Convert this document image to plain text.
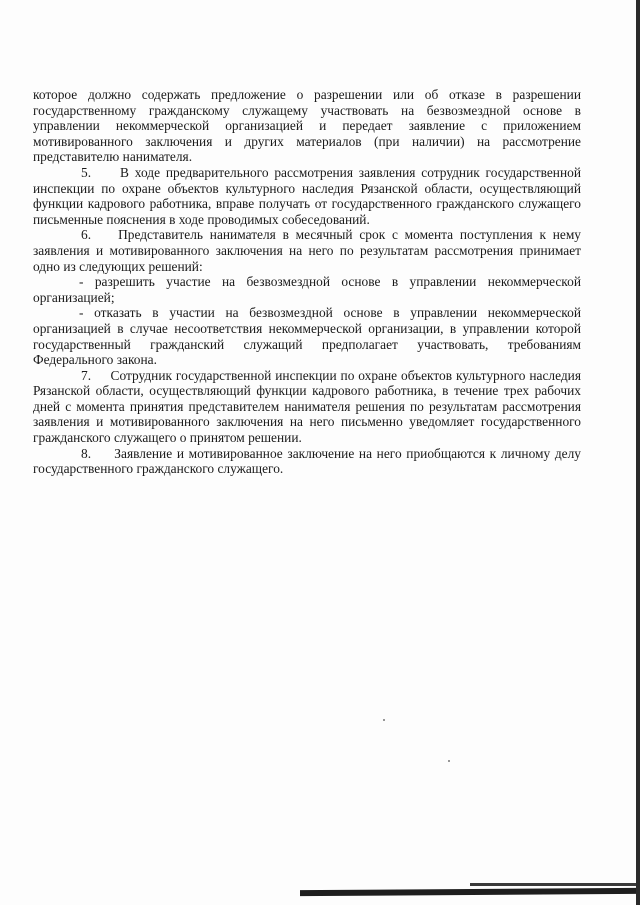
которое должно содержать предложение о разрешении или об отказе в разрешении государственному гражданскому служащему участвовать на безвозмездной основе в управлении некоммерческой организацией и передает заявление с приложением мотивированного заключения и других материалов (при наличии) на рассмотрение представителю нанимателя.

5.     В ходе предварительного рассмотрения заявления сотрудник государственной инспекции по охране объектов культурного наследия Рязанской области, осуществляющий функции кадрового работника, вправе получать от государственного гражданского служащего письменные пояснения в ходе проводимых собеседований.

6.    Представитель нанимателя в месячный срок с момента поступления к нему заявления и мотивированного заключения на него по результатам рассмотрения принимает одно из следующих решений:

- разрешить участие на безвозмездной основе в управлении некоммерческой организацией;

- отказать в участии на безвозмездной основе в управлении некоммерческой организацией в случае несоответствия некоммерческой организации, в управлении которой государственный гражданский служащий предполагает участвовать, требованиям Федерального закона.

7.     Сотрудник государственной инспекции по охране объектов культурного наследия Рязанской области, осуществляющий функции кадрового работника, в течение трех рабочих дней с момента принятия представителем нанимателя решения по результатам рассмотрения заявления и мотивированного заключения на него письменно уведомляет государственного гражданского служащего о принятом решении.

8.     Заявление и мотивированное заключение на него приобщаются к личному делу государственного гражданского служащего.
